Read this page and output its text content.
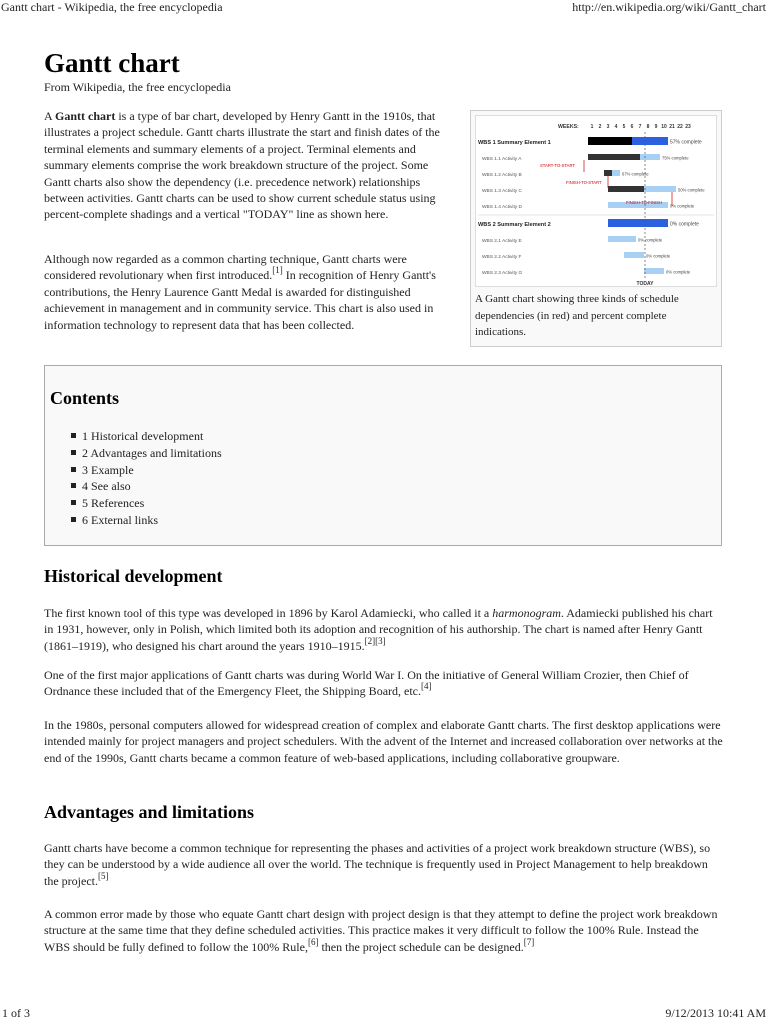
Gantt chart - Wikipedia, the free encyclopedia	http://en.wikipedia.org/wiki/Gantt_chart
Gantt chart
From Wikipedia, the free encyclopedia

A Gantt chart is a type of bar chart, developed by Henry Gantt in the 1910s, that illustrates a project schedule. Gantt charts illustrate the start and finish dates of the terminal elements and summary elements of a project. Terminal elements and summary elements comprise the work breakdown structure of the project. Some Gantt charts also show the dependency (i.e. precedence network) relationships between activities. Gantt charts can be used to show current schedule status using percent-complete shadings and a vertical "TODAY" line as shown here.

Although now regarded as a common charting technique, Gantt charts were considered revolutionary when first introduced.[1] In recognition of Henry Gantt's contributions, the Henry Laurence Gantt Medal is awarded for distinguished achievement in management and in community service. This chart is also used in information technology to represent data that has been collected.

WEEKS: 1 2 3 4 5 6 7 8 9 10 21 22 23
WBS 1 Summary Element 1	57% complete
WBS 1.1 Activity A	75% complete
WBS 1.2 Activity B	67% complete
WBS 1.3 Activity C	50% complete
WBS 1.4 Activity D	0% complete
WBS 2 Summary Element 2	0% complete
WBS 2.1 Activity E	0% complete
WBS 2.2 Activity F	0% complete
WBS 2.3 Activity G	0% complete
TODAY
START-TO-START
FINISH-TO-START
FINISH-TO-FINISH
A Gantt chart showing three kinds of schedule dependencies (in red) and percent complete indications.
Contents
1 Historical development
2 Advantages and limitations
3 Example
4 See also
5 References
6 External links
Historical development

The first known tool of this type was developed in 1896 by Karol Adamiecki, who called it a harmonogram. Adamiecki published his chart in 1931, however, only in Polish, which limited both its adoption and recognition of his authorship. The chart is named after Henry Gantt (1861–1919), who designed his chart around the years 1910–1915.[2][3]

One of the first major applications of Gantt charts was during World War I. On the initiative of General William Crozier, then Chief of Ordnance these included that of the Emergency Fleet, the Shipping Board, etc.[4]

In the 1980s, personal computers allowed for widespread creation of complex and elaborate Gantt charts. The first desktop applications were intended mainly for project managers and project schedulers. With the advent of the Internet and increased collaboration over networks at the end of the 1990s, Gantt charts became a common feature of web-based applications, including collaborative groupware.

Advantages and limitations

Gantt charts have become a common technique for representing the phases and activities of a project work breakdown structure (WBS), so they can be understood by a wide audience all over the world. The technique is frequently used in Project Management to help breakdown the project.[5]

A common error made by those who equate Gantt chart design with project design is that they attempt to define the project work breakdown structure at the same time that they define scheduled activities. This practice makes it very difficult to follow the 100% Rule. Instead the WBS should be fully defined to follow the 100% Rule,[6] then the project schedule can be designed.[7]

1 of 3	9/12/2013 10:41 AM
